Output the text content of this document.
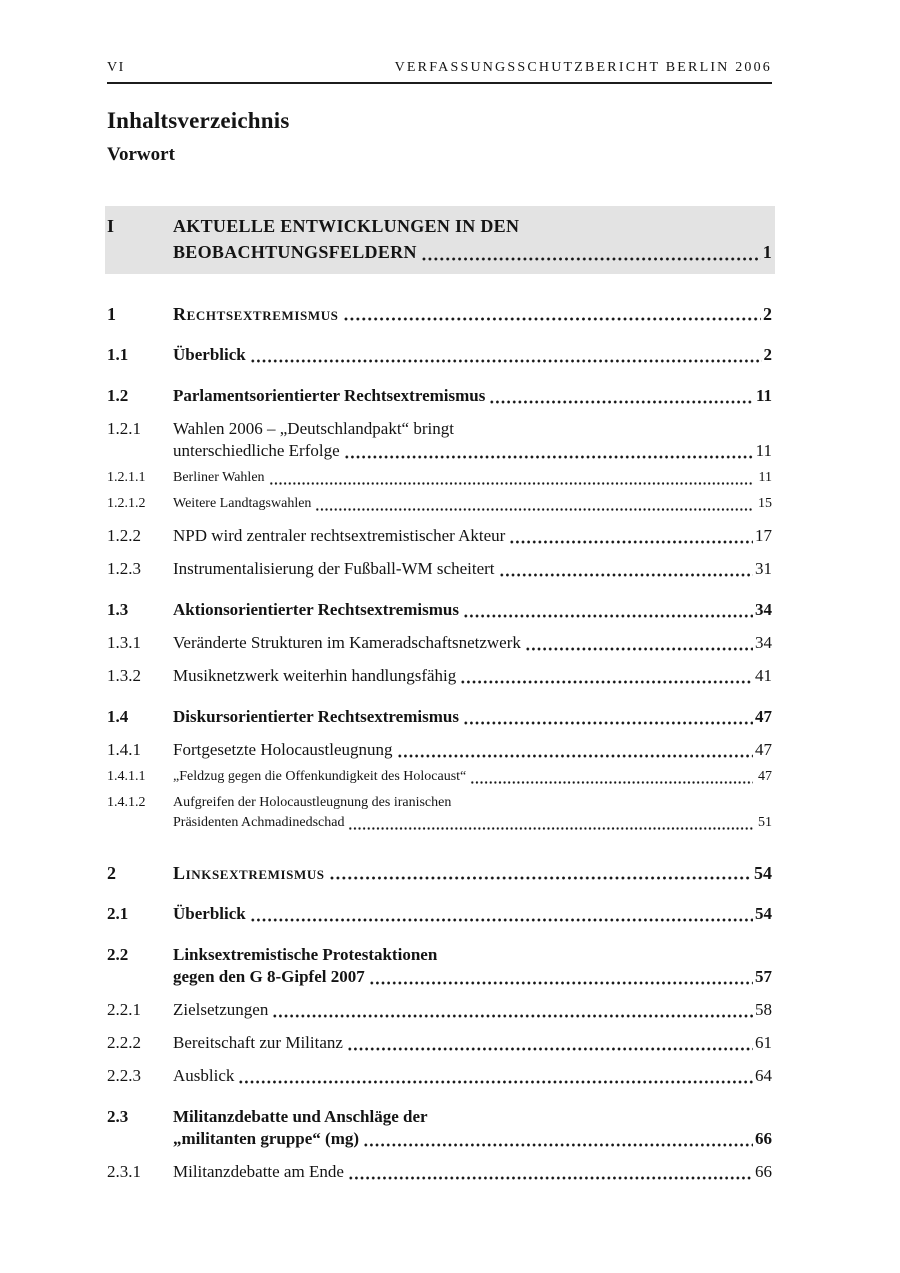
VI	VERFASSUNGSSCHUTZBERICHT BERLIN 2006
Inhaltsverzeichnis
Vorwort
I	AKTUELLE ENTWICKLUNGEN IN DEN
BEOBACHTUNGSFELDERN	1
1	Rechtsextremismus	2
1.1	Überblick	2
1.2	Parlamentsorientierter Rechtsextremismus	11
1.2.1	Wahlen 2006 – „Deutschlandpakt“ bringt
unterschiedliche Erfolge	11
1.2.1.1	Berliner Wahlen	11
1.2.1.2	Weitere Landtagswahlen	15
1.2.2	NPD wird zentraler rechtsextremistischer Akteur	17
1.2.3	Instrumentalisierung der Fußball-WM scheitert	31
1.3	Aktionsorientierter Rechtsextremismus	34
1.3.1	Veränderte Strukturen im Kameradschaftsnetzwerk	34
1.3.2	Musiknetzwerk weiterhin handlungsfähig	41
1.4	Diskursorientierter Rechtsextremismus	47
1.4.1	Fortgesetzte Holocaustleugnung	47
1.4.1.1	„Feldzug gegen die Offenkundigkeit des Holocaust“	47
1.4.1.2	Aufgreifen der Holocaustleugnung des iranischen
Präsidenten Achmadinedschad	51
2	Linksextremismus	54
2.1	Überblick	54
2.2	Linksextremistische Protestaktionen
gegen den G 8-Gipfel 2007	57
2.2.1	Zielsetzungen	58
2.2.2	Bereitschaft zur Militanz	61
2.2.3	Ausblick	64
2.3	Militanzdebatte und Anschläge der
„militanten gruppe“ (mg)	66
2.3.1	Militanzdebatte am Ende	66
